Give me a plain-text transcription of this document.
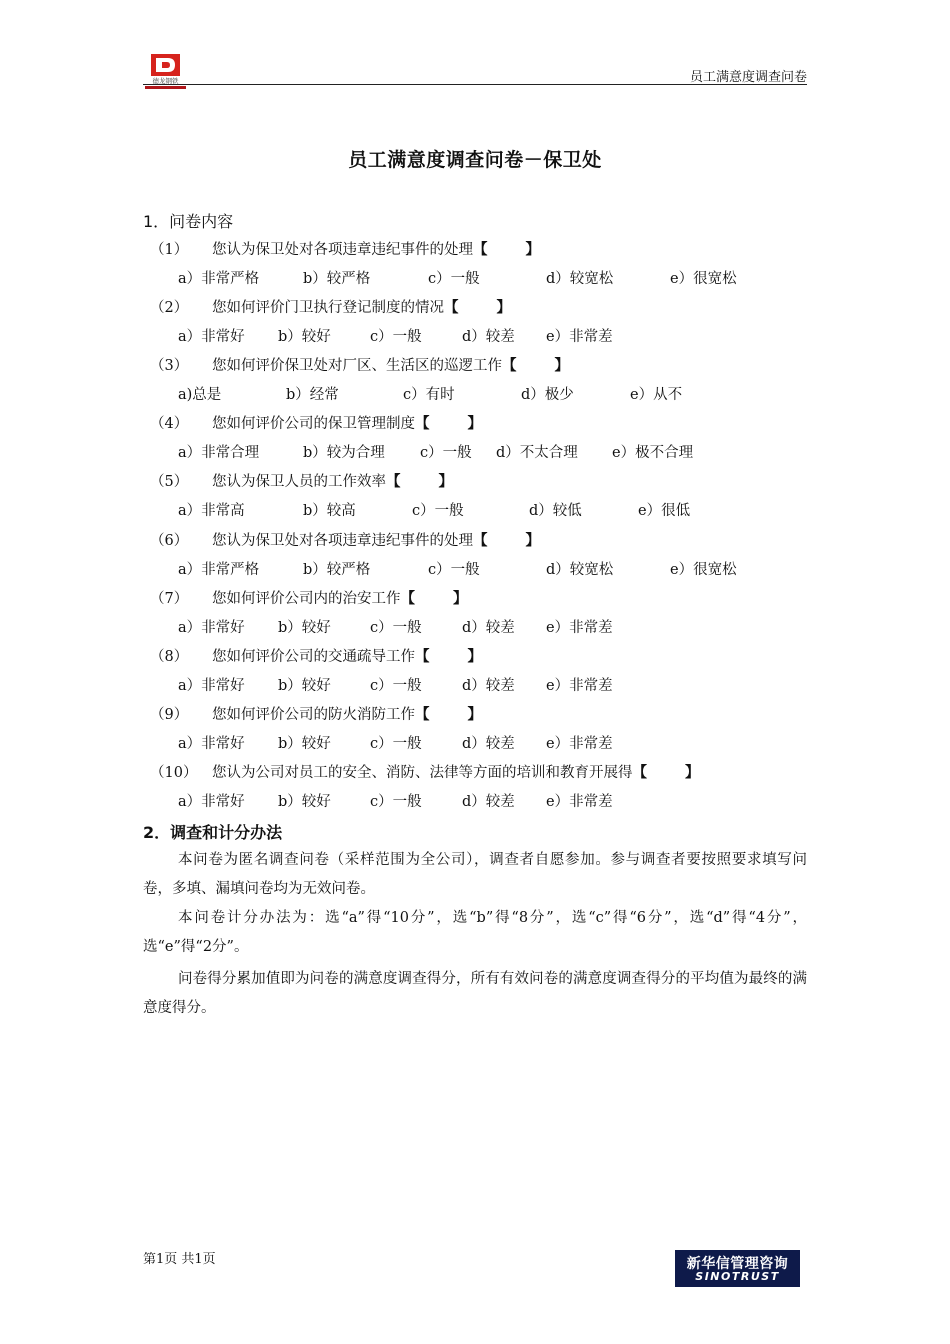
德龙钢铁	员工满意度调查问卷
员工满意度调查问卷－保卫处
1．问卷内容
（1） 您认为保卫处对各项违章违纪事件的处理【	】
a）非常严格	b）较严格	c）一般	d）较宽松	e）很宽松
（2） 您如何评价门卫执行登记制度的情况【	】
a）非常好 b）较好	c）一般	d）较差 e）非常差
（3） 您如何评价保卫处对厂区、生活区的巡逻工作【	】
a)总是	b）经常	c）有时	d）极少	e）从不
（4） 您如何评价公司的保卫管理制度【	】
a）非常合理	b）较为合理 c）一般 d）不太合理 e）极不合理
（5） 您认为保卫人员的工作效率【	】
a）非常高	b）较高	c）一般	d）较低	e）很低
（6） 您认为保卫处对各项违章违纪事件的处理【	】
a）非常严格	b）较严格	c）一般	d）较宽松	e）很宽松
（7） 您如何评价公司内的治安工作【	】
a）非常好 b）较好	c）一般	d）较差 e）非常差
（8） 您如何评价公司的交通疏导工作【	】
a）非常好 b）较好	c）一般	d）较差 e）非常差
（9） 您如何评价公司的防火消防工作【	】
a）非常好 b）较好	c）一般	d）较差 e）非常差
（10） 您认为公司对员工的安全、消防、法律等方面的培训和教育开展得【	】
a）非常好 b）较好	c）一般	d）较差 e）非常差
2．调查和计分办法
本问卷为匿名调查问卷（采样范围为全公司），调查者自愿参加。参与调查者要按照要求填写问卷，多填、漏填问卷均为无效问卷。
本问卷计分办法为：选“a”得“10分”，选“b”得“8分”，选“c”得“6分”，选“d”得“4分”，选“e”得“2分”。
问卷得分累加值即为问卷的满意度调查得分，所有有效问卷的满意度调查得分的平均值为最终的满意度得分。
第1页 共1页	新华信管理咨询
SINOTRUST
